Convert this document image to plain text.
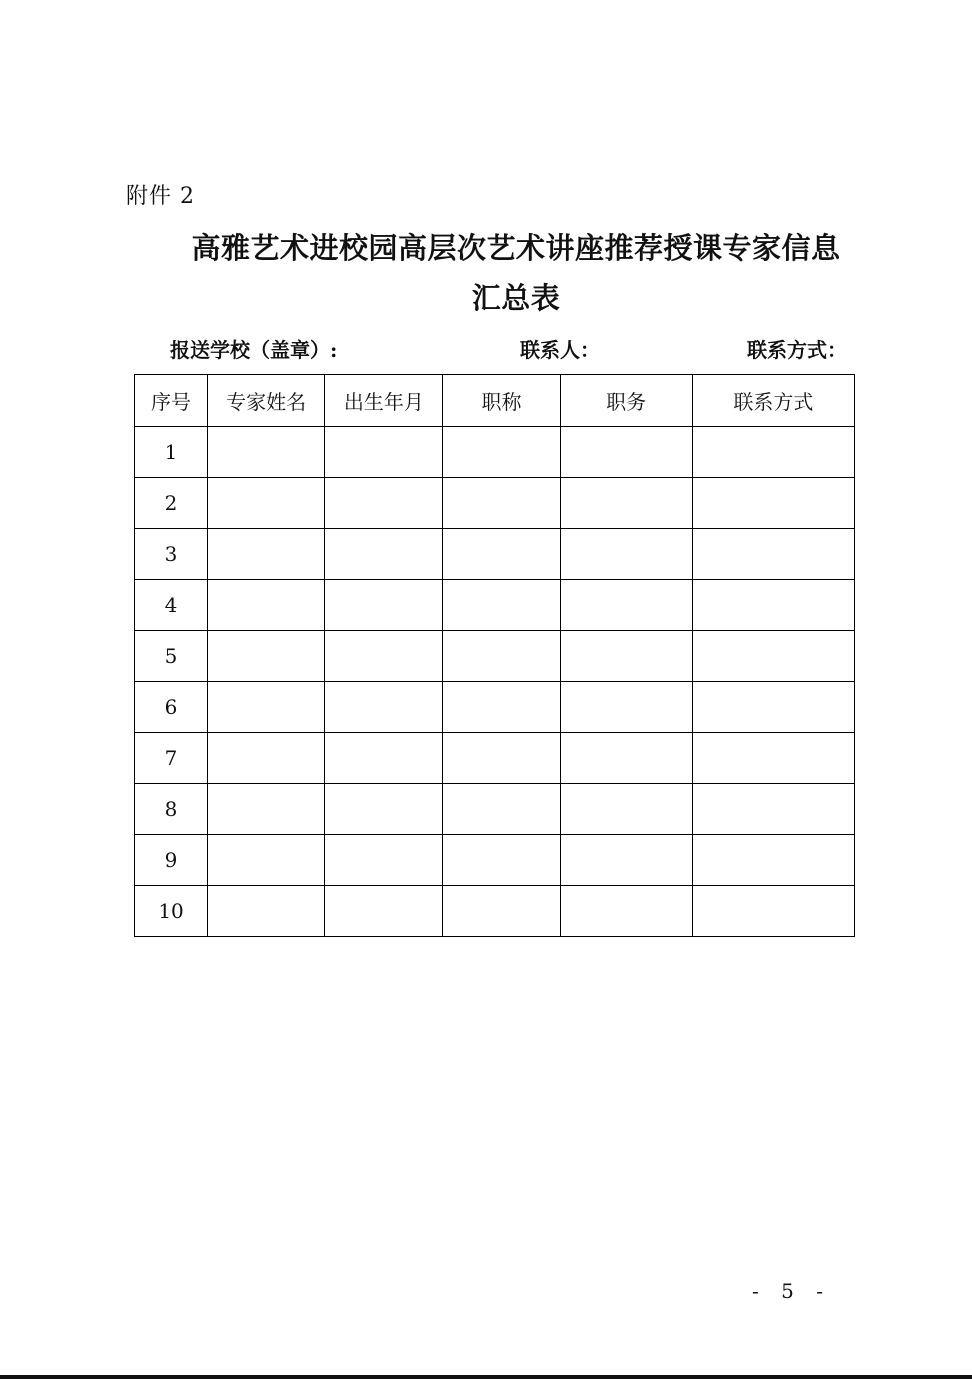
附件 2
高雅艺术进校园高层次艺术讲座推荐授课专家信息
汇总表
报送学校（盖章）:	联系人：	联系方式：
序号	专家姓名	出生年月	职称	职务	联系方式
1					
2					
3					
4					
5					
6					
7					
8					
9					
10					
- 5 -
